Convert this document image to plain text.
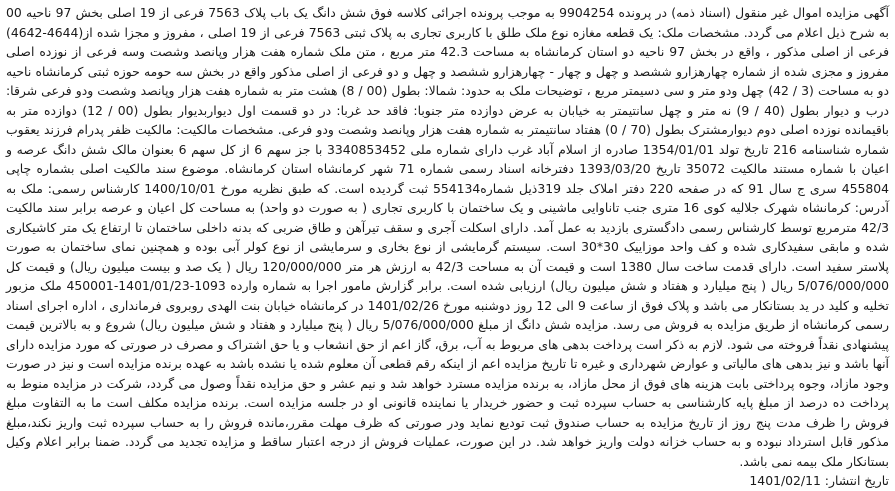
آگهی مزایده اموال غیر منقول (اسناد ذمه) در پرونده 9904254 به موجب پرونده اجرائی کلاسه فوق شش دانگ یک باب پلاک 7563 فرعی از 19 اصلی بخش 97 ناحیه 00 به شرح ذیل اعلام می گردد. مشخصات ملک: یک قطعه مغازه نوع ملک طلق با کاربری تجاری به پلاک ثبتی 7563 فرعی از 19 اصلی ، مفروز و مجزا شده از(4644-4642) فرعی از اصلی مذکور ، واقع در بخش 97 ناحیه دو استان کرمانشاه به مساحت 42.3 متر مربع ، متن ملک شماره هفت هزار وپانصد وشصت وسه فرعی از نوزده اصلی مفروز و مجزی شده از شماره چهارهزارو ششصد و چهل و چهار - چهارهزارو ششصد و چهل و دو فرعی از اصلی مذکور واقع در بخش سه حومه حوزه ثبتی کرمانشاه ناحیه دو به مساحت (3 / 42) چهل ودو متر و سی دسیمتر مربع ، توضیحات ملک به حدود: شمالا: بطول (00 / 8) هشت متر به شماره هفت هزار وپانصد وشصت ودو فرعی شرقا: درب و دیوار بطول (40 / 9) نه متر و چهل سانتیمتر به خیابان به عرض دوازده متر جنوبا: فاقد حد غربا: در دو قسمت اول دیواربدیوار بطول (00 / 12) دوازده متر به باقیمانده نوزده اصلی دوم دیوارمشترک بطول (70 / 0) هفتاد سانتیمتر به شماره هفت هزار وپانصد وشصت ودو فرعی. مشخصات مالکیت: مالکیت ظفر پدرام فرزند یعقوب شماره شناسنامه 216 تاریخ تولد 1354/01/01 صادره از اسلام آباد غرب دارای شماره ملی 3340853452 با جز سهم 6 از کل سهم 6 بعنوان مالک شش دانگ عرصه و اعیان با شماره مستند مالکیت 35072 تاریخ 1393/03/20 دفترخانه اسناد رسمی شماره 71 شهر کرمانشاه استان کرمانشاه. موضوع سند مالکیت اصلی بشماره چاپی 455804 سری ج سال 91 که در صفحه 220 دفتر املاک جلد 319ذیل شماره554134 ثبت گردیده است. که طبق نظریه مورخ 1400/10/01 کارشناس رسمی: ملک به آدرس: کرمانشاه شهرک جلالیه کوی 16 متری جنب تاناوایی ماشینی و یک ساختمان با کاربری تجاری ( به صورت دو واحد) به مساحت کل اعیان و عرصه برابر سند مالکیت 42/3 مترمربع توسط کارشناس رسمی دادگستری بازدید به عمل آمد. دارای اسکلت آجری و سقف تیرآهن و طاق ضربی که بدنه داخلی ساختمان تا ارتفاع یک متر کاشیکاری شده و مابقی سفیدکاری شده و کف واحد موزاییک 30*30 است. سیستم گرمایشی از نوع بخاری و سرمایشی از نوع کولر آبی بوده و همچنین نمای ساختمان به صورت پلاستر سفید است. دارای قدمت ساخت سال 1380 است و قیمت آن به مساحت 42/3 به ارزش هر متر 120/000/000 ریال ( یک صد و بیست میلیون ریال) و قیمت کل 5/076/000/000 ریال ( پنج میلیارد و هفتاد و شش میلیون ریال) ارزیابی شده است. برابر گزارش مامور اجرا به شماره وارده 1093-1401/01/23-450001 ملک مزبور تخلیه و کلید در ید بستانکار می باشد و پلاک فوق از ساعت 9 الی 12 روز دوشنبه مورخ 1401/02/26 در کرمانشاه خیابان بنت الهدی روبروی فرمانداری ، اداره اجرای اسناد رسمی کرمانشاه از طریق مزایده به فروش می رسد. مزایده شش دانگ از مبلغ 5/076/000/000 ریال ( پنج میلیارد و هفتاد و شش میلیون ریال) شروع و به بالاترین قیمت پیشنهادی نقداً فروخته می شود. لازم به ذکر است پرداخت بدهی های مربوط به آب، برق، گاز اعم از حق انشعاب و یا حق اشتراک و مصرف در صورتی که مورد مزایده دارای آنها باشد و نیز بدهی های مالیاتی و عوارض شهرداری و غیره تا تاریخ مزایده اعم از اینکه رقم قطعی آن معلوم شده یا نشده باشد به عهده برنده مزایده است و نیز در صورت وجود مازاد، وجوه پرداختی بابت هزینه های فوق از محل مازاد، به برنده مزایده مسترد خواهد شد و نیم عشر و حق مزایده نقداً وصول می گردد، شرکت در مزایده منوط به پرداخت ده درصد از مبلغ پایه کارشناسی به حساب سپرده ثبت و حضور خریدار یا نماینده قانونی او در جلسه مزایده است. برنده مزایده مکلف است ما به التفاوت مبلغ فروش را ظرف مدت پنج روز از تاریخ مزایده به حساب صندوق ثبت تودیع نماید ودر صورتی که ظرف مهلت مقرر،مانده فروش را به حساب سپرده ثبت واریز نکند،مبلغ مذکور قابل استرداد نبوده و به حساب خزانه دولت واریز خواهد شد. در این صورت، عملیات فروش از درجه اعتبار ساقط و مزایده تجدید می گردد. ضمنا برابر اعلام وکیل بستانکار ملک بیمه نمی باشد.

تاریخ انتشار: 1401/02/11
